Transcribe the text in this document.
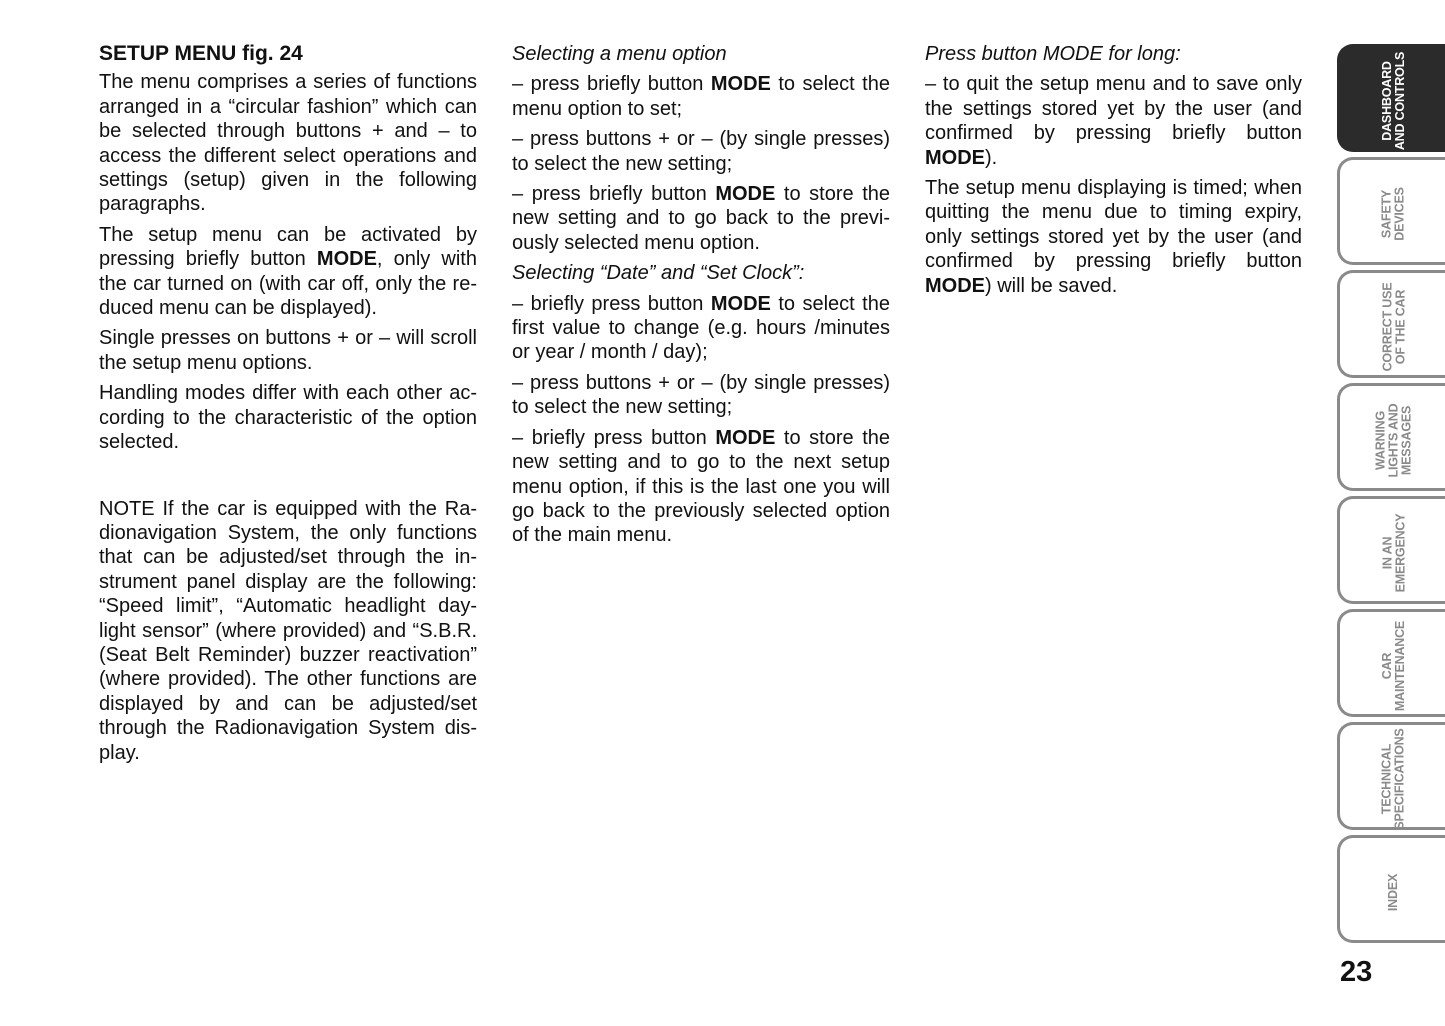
SETUP MENU fig. 24

The menu comprises a series of functions arranged in a “circular fashion” which can be selected through buttons + and – to access the different select operations and settings (setup) given in the following paragraphs.

The setup menu can be activated by pressing briefly button MODE, only with the car turned on (with car off, only the reduced menu can be displayed).

Single presses on buttons + or – will scroll the setup menu options.

Handling modes differ with each other according to the characteristic of the option selected.

NOTE If the car is equipped with the Radionavigation System, the only functions that can be adjusted/set through the instrument panel display are the following: “Speed limit”, “Automatic headlight daylight sensor” (where provided) and “S.B.R. (Seat Belt Reminder) buzzer reactivation” (where provided). The other functions are displayed by and can be adjusted/set through the Radionavigation System display.

Selecting a menu option

– press briefly button MODE to select the menu option to set;

– press buttons + or – (by single presses) to select the new setting;

– press briefly button MODE to store the new setting and to go back to the previously selected menu option.

Selecting “Date” and “Set Clock”:

– briefly press button MODE to select the first value to change (e.g. hours /minutes or year / month / day);

– press buttons + or – (by single presses) to select the new setting;

– briefly press button MODE to store the new setting and to go to the next setup menu option, if this is the last one you will go back to the previously selected option of the main menu.

Press button MODE for long:

– to quit the setup menu and to save only the settings stored yet by the user (and confirmed by pressing briefly button MODE).

The setup menu displaying is timed; when quitting the menu due to timing expiry, only settings stored yet by the user (and confirmed by pressing briefly button MODE) will be saved.

DASHBOARD
AND CONTROLS
SAFETY
DEVICES
CORRECT USE
OF THE CAR
WARNING
LIGHTS AND
MESSAGES
IN AN
EMERGENCY
CAR
MAINTENANCE
TECHNICAL
SPECIFICATIONS
INDEX
23
